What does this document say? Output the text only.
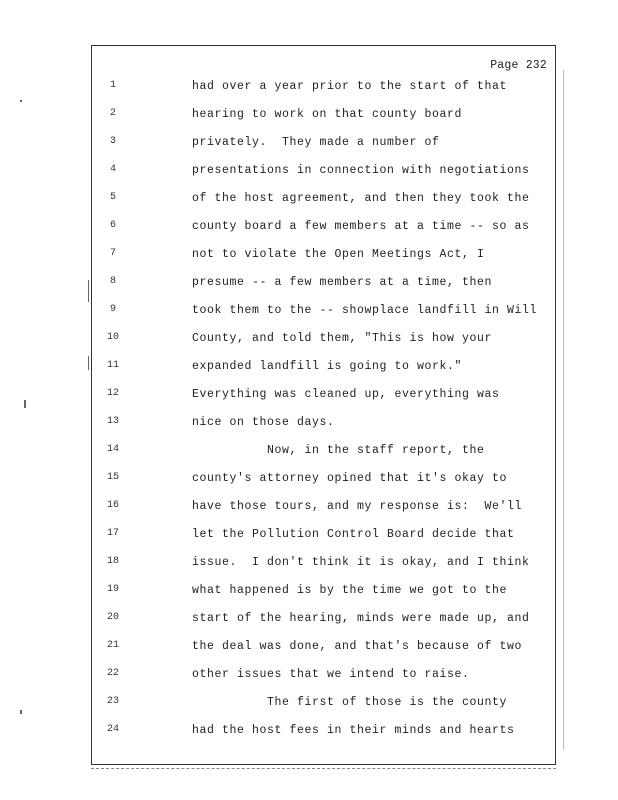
Page 232
1
2
3
4
5
6
7
8
9
10
11
12
13
14
15
16
17
18
19
20
21
22
23
24
had over a year prior to the start of that
hearing to work on that county board
privately.  They made a number of
presentations in connection with negotiations
of the host agreement, and then they took the
county board a few members at a time -- so as
not to violate the Open Meetings Act, I
presume -- a few members at a time, then
took them to the -- showplace landfill in Will
County, and told them, "This is how your
expanded landfill is going to work."
Everything was cleaned up, everything was
nice on those days.
Now, in the staff report, the
county's attorney opined that it's okay to
have those tours, and my response is:  We'll
let the Pollution Control Board decide that
issue.  I don't think it is okay, and I think
what happened is by the time we got to the
start of the hearing, minds were made up, and
the deal was done, and that's because of two
other issues that we intend to raise.
The first of those is the county
had the host fees in their minds and hearts
